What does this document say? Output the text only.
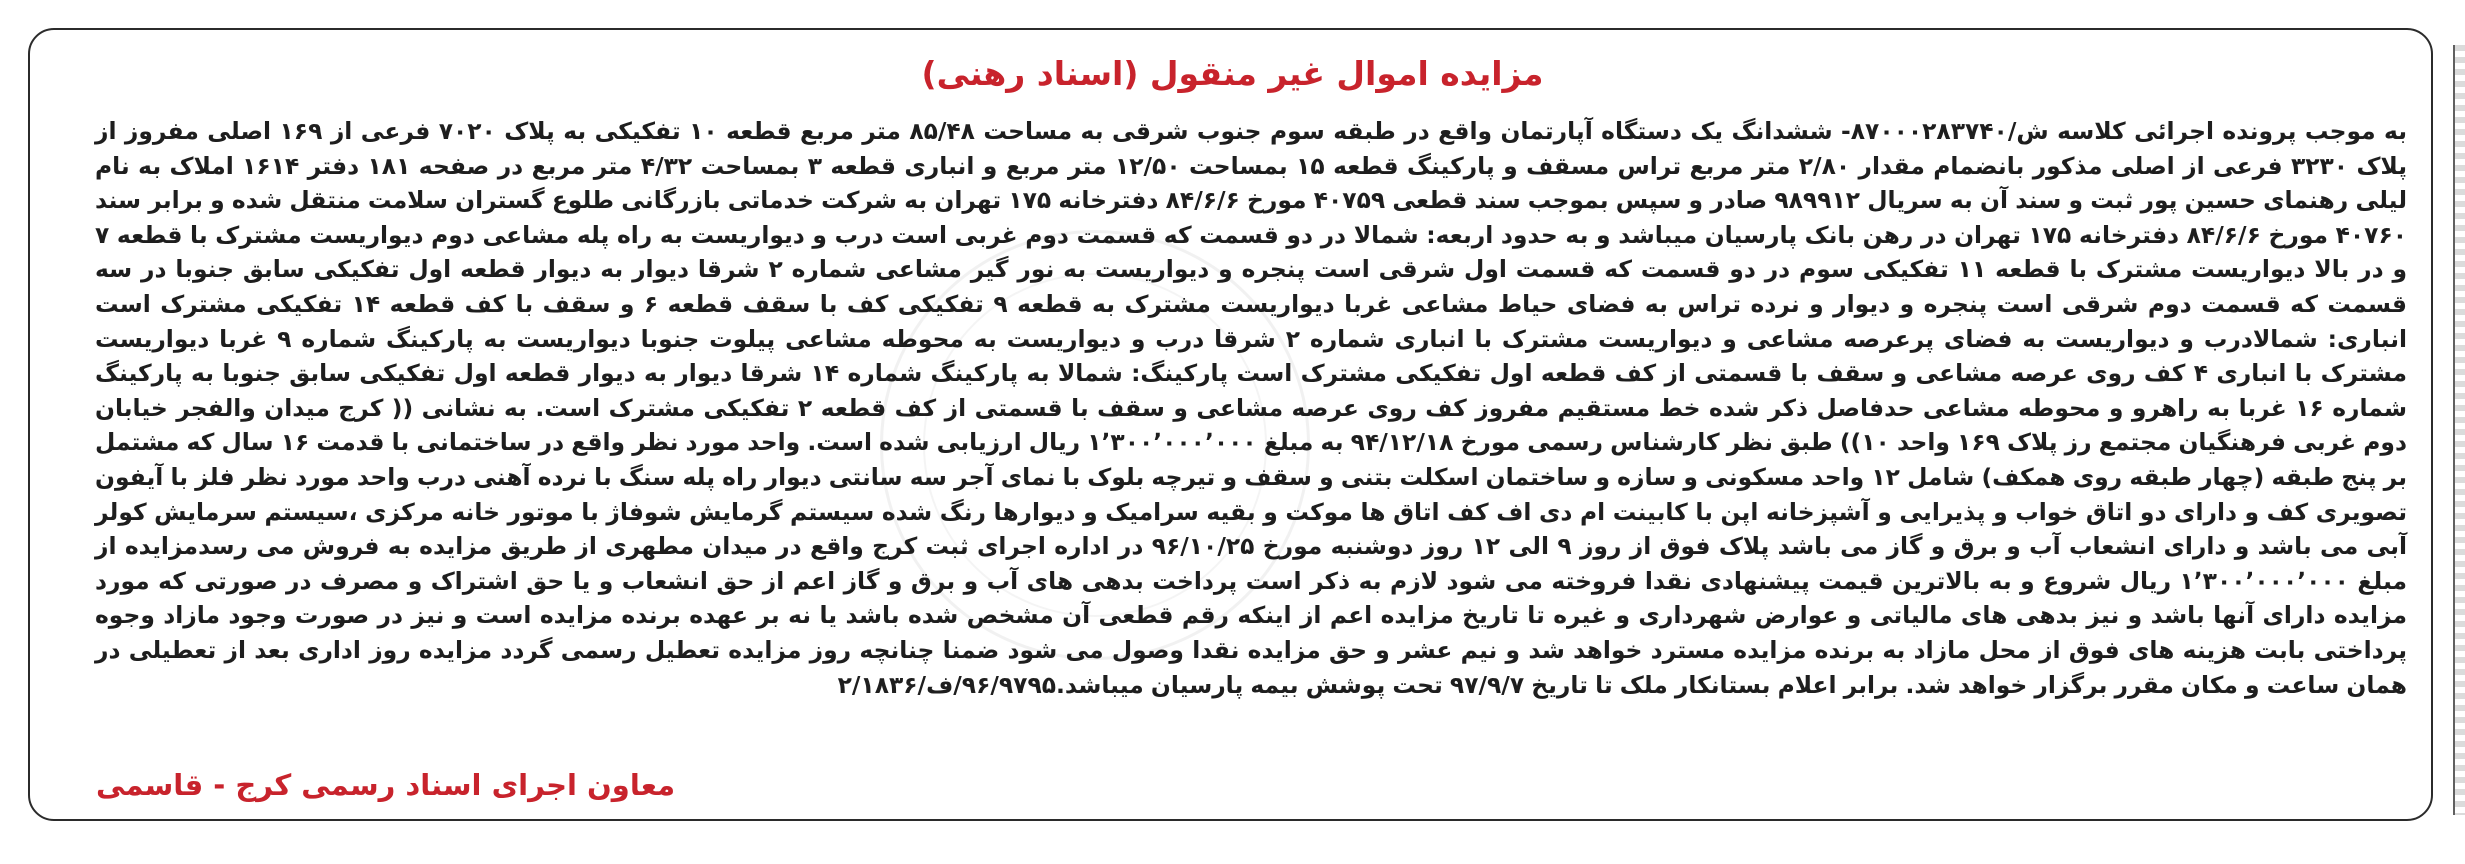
مزایده اموال غیر منقول (اسناد رهنی)
به موجب پرونده اجرائی کلاسه ش/۸۷۰۰۰۲۸۳۷۴۰- ششدانگ یک دستگاه آپارتمان واقع در طبقه سوم جنوب شرقی به مساحت ۸۵/۴۸ متر مربع قطعه ۱۰ تفکیکی به پلاک ۷۰۲۰ فرعی از ۱۶۹ اصلی مفروز از پلاک ۳۲۳۰ فرعی از اصلی مذکور بانضمام مقدار ۲/۸۰ متر مربع تراس مسقف و پارکینگ قطعه ۱۵ بمساحت ۱۲/۵۰ متر مربع و انباری قطعه ۳ بمساحت ۴/۳۲ متر مربع در صفحه ۱۸۱ دفتر ۱۶۱۴ املاک به نام لیلی رهنمای حسین پور ثبت و سند آن به سریال ۹۸۹۹۱۲ صادر و سپس بموجب سند قطعی ۴۰۷۵۹ مورخ ۸۴/۶/۶ دفترخانه ۱۷۵ تهران به شرکت خدماتی بازرگانی طلوع گستران سلامت منتقل شده و برابر سند ۴۰۷۶۰ مورخ ۸۴/۶/۶ دفترخانه ۱۷۵ تهران در رهن بانک پارسیان میباشد و به حدود اربعه: شمالا در دو قسمت که قسمت دوم غربی است درب و دیواریست به راه پله مشاعی دوم دیواریست مشترک با قطعه ۷ و در بالا دیواریست مشترک با قطعه ۱۱ تفکیکی سوم در دو قسمت که قسمت اول شرقی است پنجره و دیواریست به نور گیر مشاعی شماره ۲ شرقا دیوار به دیوار قطعه اول تفکیکی سابق جنوبا در سه قسمت که قسمت دوم شرقی است پنجره و دیوار و نرده تراس به فضای حیاط مشاعی غربا دیواریست مشترک به قطعه ۹ تفکیکی کف با سقف قطعه ۶ و سقف با کف قطعه ۱۴ تفکیکی مشترک است انباری: شمالادرب و دیواریست به فضای پرعرصه مشاعی و دیواریست مشترک با انباری شماره ۲ شرقا درب و دیواریست به محوطه مشاعی پیلوت جنوبا دیواریست به پارکینگ شماره ۹ غربا دیواریست مشترک با انباری ۴ کف روی عرصه مشاعی و سقف با قسمتی از کف قطعه اول تفکیکی مشترک است پارکینگ: شمالا به پارکینگ شماره ۱۴ شرقا دیوار به دیوار قطعه اول تفکیکی سابق جنوبا به پارکینگ شماره ۱۶ غربا به راهرو و محوطه مشاعی حدفاصل ذکر شده خط مستقیم مفروز کف روی عرصه مشاعی و سقف با قسمتی از کف قطعه ۲ تفکیکی مشترک است. به نشانی (( کرج میدان والفجر خیابان دوم غربی فرهنگیان مجتمع رز پلاک ۱۶۹ واحد ۱۰)) طبق نظر کارشناس رسمی مورخ ۹۴/۱۲/۱۸ به مبلغ ۱٬۳۰۰٬۰۰۰٬۰۰۰ ریال ارزیابی شده است. واحد مورد نظر واقع در ساختمانی با قدمت ۱۶ سال که مشتمل بر پنج طبقه (چهار طبقه روی همکف) شامل ۱۲ واحد مسکونی و سازه و ساختمان اسکلت بتنی و سقف و تیرچه بلوک با نمای آجر سه سانتی دیوار راه پله سنگ با نرده آهنی درب واحد مورد نظر فلز با آیفون تصویری کف و دارای دو اتاق خواب و پذیرایی و آشپزخانه اپن با کابینت ام دی اف کف اتاق ها موکت و بقیه سرامیک و دیوارها رنگ شده سیستم گرمایش شوفاژ با موتور خانه مرکزی ،سیستم سرمایش کولر آبی می باشد و دارای انشعاب آب و برق و گاز می باشد پلاک فوق از روز ۹ الی ۱۲ روز دوشنبه مورخ ۹۶/۱۰/۲۵ در اداره اجرای ثبت کرج واقع در میدان مطهری از طریق مزایده به فروش می رسدمزایده از مبلغ ۱٬۳۰۰٬۰۰۰٬۰۰۰ ریال شروع و به بالاترین قیمت پیشنهادی نقدا فروخته می شود لازم به ذکر است پرداخت بدهی های آب و برق و گاز اعم از حق انشعاب و یا حق اشتراک و مصرف در صورتی که مورد مزایده دارای آنها باشد و نیز بدهی های مالیاتی و عوارض شهرداری و غیره تا تاریخ مزایده اعم از اینکه رقم قطعی آن مشخص شده باشد یا نه بر عهده برنده مزایده است و نیز در صورت وجود مازاد وجوه پرداختی بابت هزینه های فوق از محل مازاد به برنده مزایده مسترد خواهد شد و نیم عشر و حق مزایده نقدا وصول می شود ضمنا چنانچه روز مزایده تعطیل رسمی گردد مزایده روز اداری بعد از تعطیلی در همان ساعت و مکان مقرر برگزار خواهد شد. برابر اعلام بستانکار ملک تا تاریخ ۹۷/۹/۷ تحت پوشش بیمه پارسیان میباشد.۹۶/۹۷۹۵/ف/۲/۱۸۳۶
معاون اجرای اسناد رسمی کرج - قاسمی
